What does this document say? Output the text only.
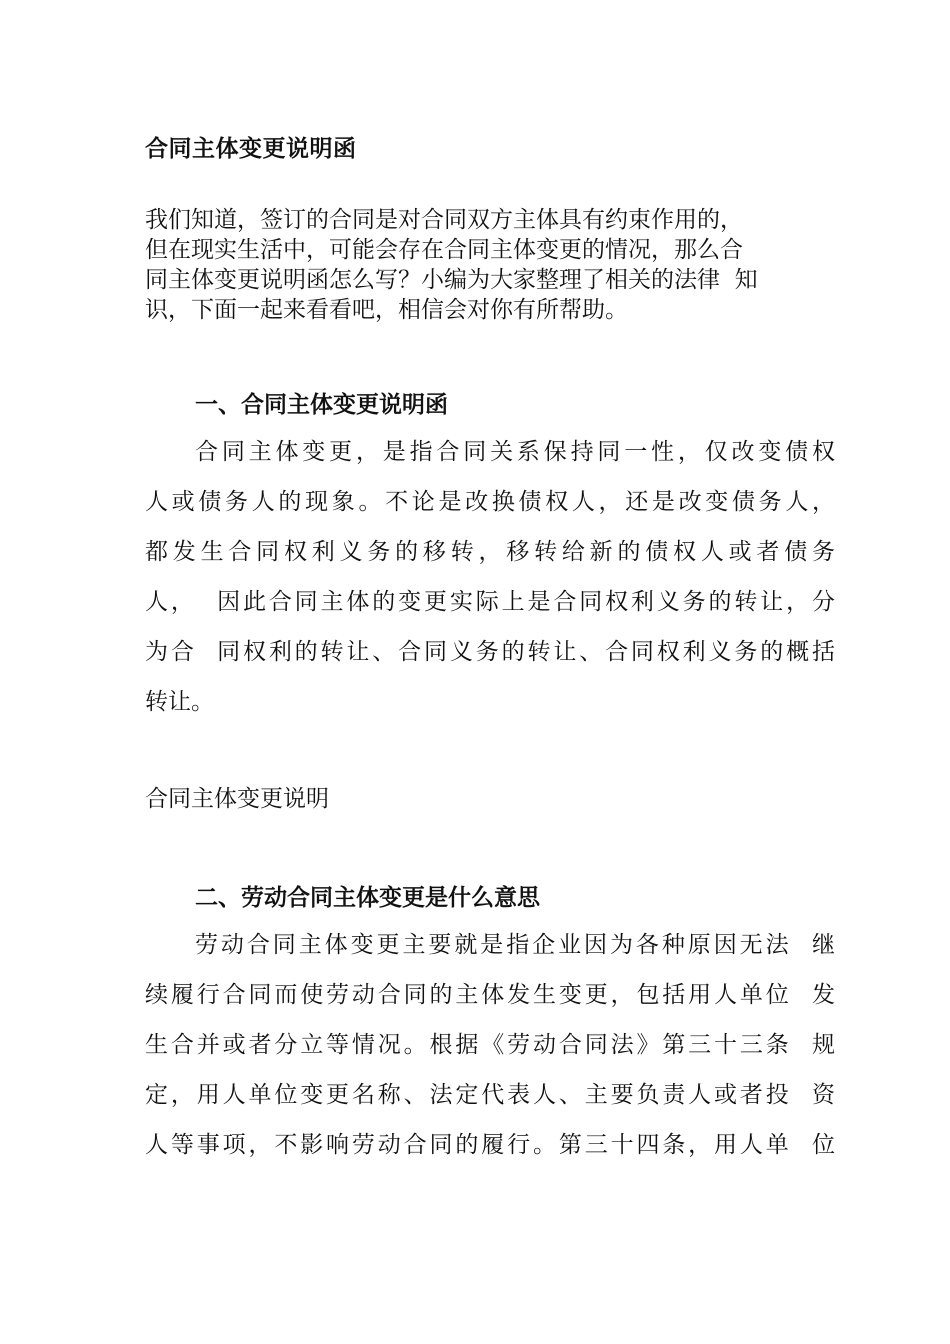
合同主体变更说明函
我们知道，签订的合同是对合同双方主体具有约束作用的，
但在现实生活中，可能会存在合同主体变更的情况，那么合
同主体变更说明函怎么写？小编为大家整理了相关的法律  知
识，下面一起来看看吧，相信会对你有所帮助。
一、合同主体变更说明函
合同主体变更，是指合同关系保持同一性，仅改变债权
人或债务人的现象。不论是改换债权人，还是改变债务人，
都发生合同权利义务的移转，移转给新的债权人或者债务
人，  因此合同主体的变更实际上是合同权利义务的转让，分
为合  同权利的转让、合同义务的转让、合同权利义务的概括
转让。

合同主体变更说明

二、劳动合同主体变更是什么意思
劳动合同主体变更主要就是指企业因为各种原因无法  继
续履行合同而使劳动合同的主体发生变更，包括用人单位  发
生合并或者分立等情况。根据《劳动合同法》第三十三条  规
定，用人单位变更名称、法定代表人、主要负责人或者投  资
人等事项，不影响劳动合同的履行。第三十四条，用人单  位
